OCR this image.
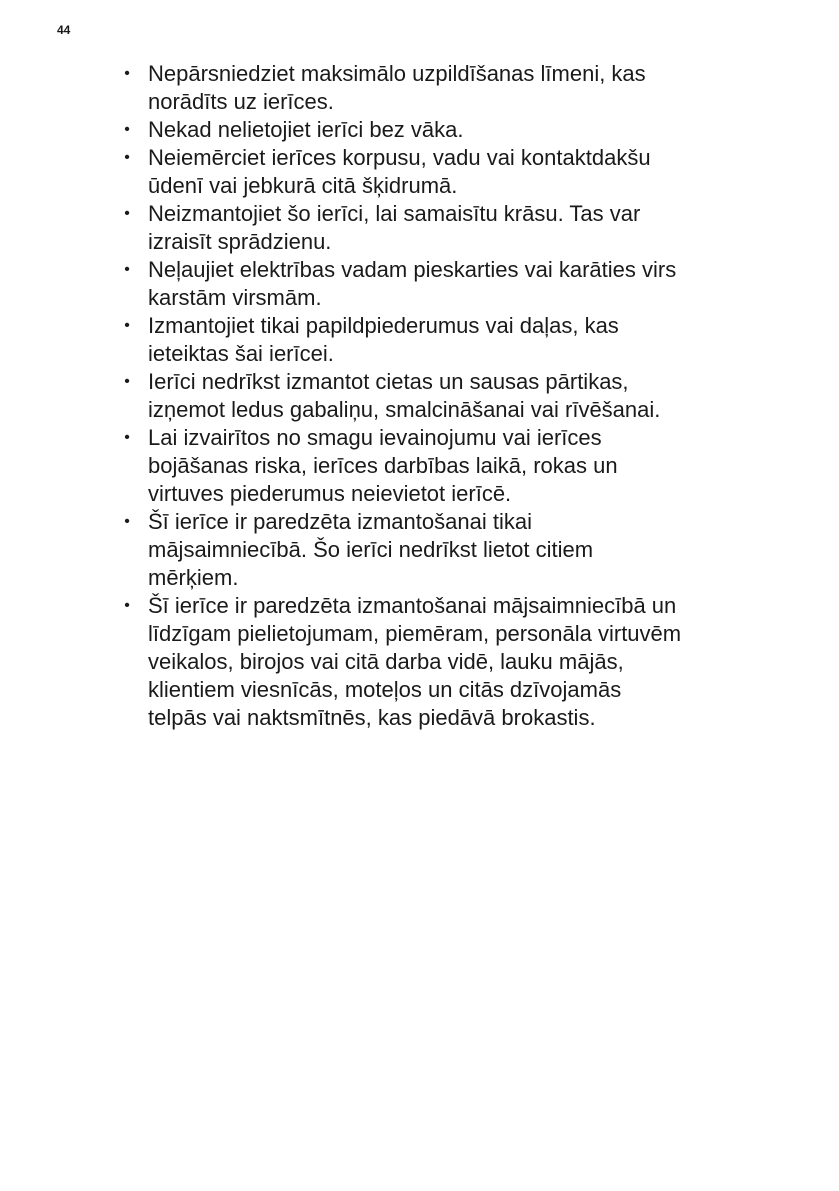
44
• Nepārsniedziet maksimālo uzpildīšanas līmeni, kas
norādīts uz ierīces.
• Nekad nelietojiet ierīci bez vāka.
• Neiemērciet ierīces korpusu, vadu vai kontaktdakšu
ūdenī vai jebkurā citā šķidrumā.
• Neizmantojiet šo ierīci, lai samaisītu krāsu. Tas var
izraisīt sprādzienu.
• Neļaujiet elektrības vadam pieskarties vai karāties virs
karstām virsmām.
• Izmantojiet tikai papildpiederumus vai daļas, kas
ieteiktas šai ierīcei.
• Ierīci nedrīkst izmantot cietas un sausas pārtikas,
izņemot ledus gabaliņu, smalcināšanai vai rīvēšanai.
• Lai izvairītos no smagu ievainojumu vai ierīces
bojāšanas riska, ierīces darbības laikā, rokas un
virtuves piederumus neievietot ierīcē.
• Šī ierīce ir paredzēta izmantošanai tikai
mājsaimniecībā. Šo ierīci nedrīkst lietot citiem
mērķiem.
• Šī ierīce ir paredzēta izmantošanai mājsaimniecībā un
līdzīgam pielietojumam, piemēram, personāla virtuvēm
veikalos, birojos vai citā darba vidē, lauku mājās,
klientiem viesnīcās, moteļos un citās dzīvojamās
telpās vai naktsmītnēs, kas piedāvā brokastis.
